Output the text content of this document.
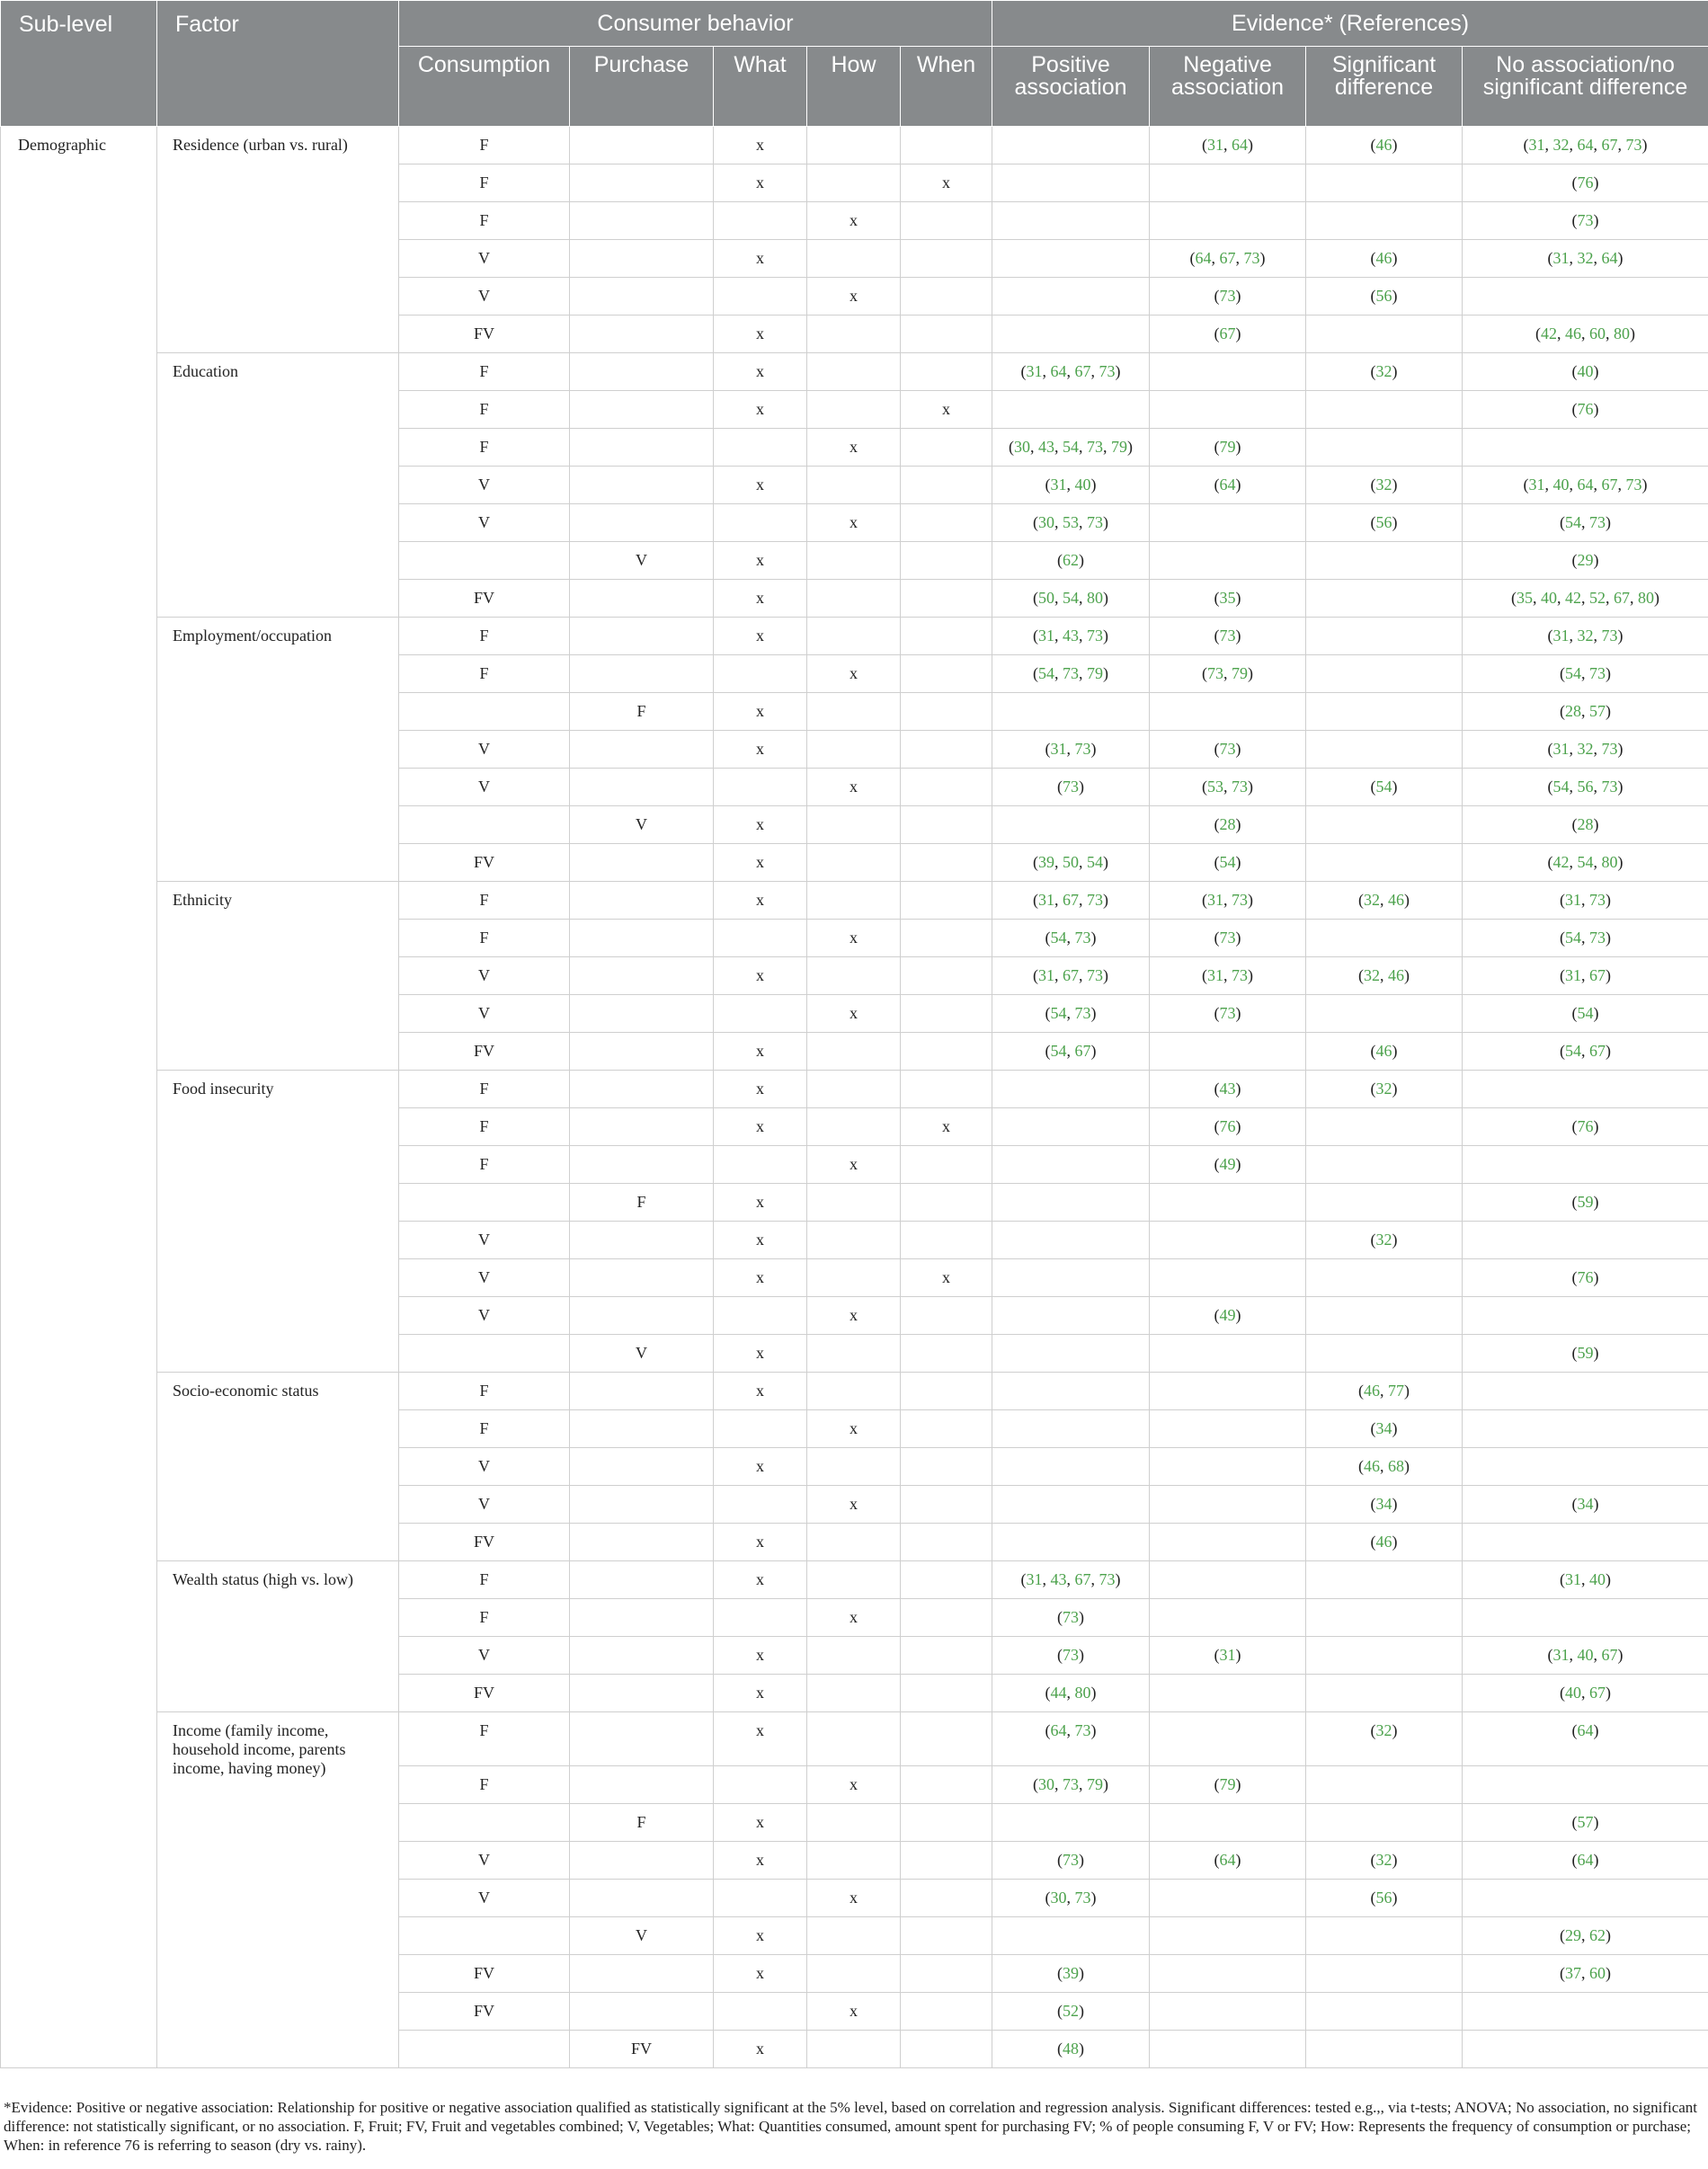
Sub-level	Factor	Consumer behavior					Evidence* (References)			
		Consumption	Purchase	What	How	When	Positive association	Negative association	Significant difference	No association/no significant difference
Demographic	Residence (urban vs. rural)	F		x				(31, 64)	(46)	(31, 32, 64, 67, 73)
		F		x		x				(76)
		F			x					(73)
		V		x				(64, 67, 73)	(46)	(31, 32, 64)
		V			x			(73)	(56)	
		FV		x				(67)		(42, 46, 60, 80)
	Education	F		x			(31, 64, 67, 73)		(32)	(40)
		F		x		x				(76)
		F			x		(30, 43, 54, 73, 79)	(79)		
		V		x			(31, 40)	(64)	(32)	(31, 40, 64, 67, 73)
		V			x		(30, 53, 73)		(56)	(54, 73)
			V	x			(62)			(29)
		FV		x			(50, 54, 80)	(35)		(35, 40, 42, 52, 67, 80)
	Employment/occupation	F		x			(31, 43, 73)	(73)		(31, 32, 73)
		F			x		(54, 73, 79)	(73, 79)		(54, 73)
			F	x						(28, 57)
		V		x			(31, 73)	(73)		(31, 32, 73)
		V			x		(73)	(53, 73)	(54)	(54, 56, 73)
			V	x				(28)		(28)
		FV		x			(39, 50, 54)	(54)		(42, 54, 80)
	Ethnicity	F		x			(31, 67, 73)	(31, 73)	(32, 46)	(31, 73)
		F			x		(54, 73)	(73)		(54, 73)
		V		x			(31, 67, 73)	(31, 73)	(32, 46)	(31, 67)
		V			x		(54, 73)	(73)		(54)
		FV		x			(54, 67)		(46)	(54, 67)
	Food insecurity	F		x				(43)	(32)	
		F		x		x		(76)		(76)
		F			x			(49)		
			F	x						(59)
		V		x					(32)	
		V		x		x				(76)
		V			x			(49)		
			V	x						(59)
	Socio-economic status	F		x					(46, 77)	
		F			x				(34)	
		V		x					(46, 68)	
		V			x				(34)	(34)
		FV		x					(46)	
	Wealth status (high vs. low)	F		x			(31, 43, 67, 73)			(31, 40)
		F			x		(73)			
		V		x			(73)	(31)		(31, 40, 67)
		FV		x			(44, 80)			(40, 67)
	Income (family income, household income, parents income, having money)	F		x			(64, 73)		(32)	(64)
		F			x		(30, 73, 79)	(79)		
			F	x						(57)
		V		x			(73)	(64)	(32)	(64)
		V			x		(30, 73)		(56)	
			V	x						(29, 62)
		FV		x			(39)			(37, 60)
		FV			x		(52)			
			FV	x			(48)			
*Evidence: Positive or negative association: Relationship for positive or negative association qualified as statistically significant at the 5% level, based on correlation and regression analysis. Significant differences: tested e.g.,, via t-tests; ANOVA; No association, no significant difference: not statistically significant, or no association. F, Fruit; FV, Fruit and vegetables combined; V, Vegetables; What: Quantities consumed, amount spent for purchasing FV; % of people consuming F, V or FV; How: Represents the frequency of consumption or purchase; When: in reference 76 is referring to season (dry vs. rainy).
